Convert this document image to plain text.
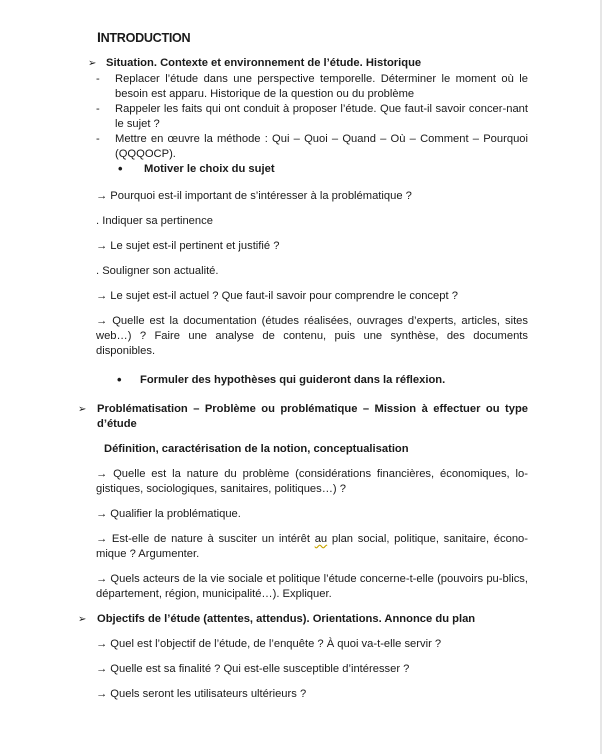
INTRODUCTION
➢ Situation. Contexte et environnement de l’étude. Historique
- Replacer l’étude dans une perspective temporelle. Déterminer le moment où le besoin est apparu. Historique de la question ou du problème
- Rappeler les faits qui ont conduit à proposer l’étude. Que faut-il savoir concer-nant le sujet ?
- Mettre en œuvre la méthode : Qui – Quoi – Quand – Où – Comment – Pourquoi (QQQOCP).
• Motiver le choix du sujet

→ Pourquoi est-il important de s’intéresser à la problématique ?

. Indiquer sa pertinence

→ Le sujet est-il pertinent et justifié ?

. Souligner son actualité.

→ Le sujet est-il actuel ? Que faut-il savoir pour comprendre le concept ?

→ Quelle est la documentation (études réalisées, ouvrages d’experts, articles, sites web…) ? Faire une analyse de contenu, puis une synthèse, des documents disponibles.

• Formuler des hypothèses qui guideront dans la réflexion.
➢ Problématisation – Problème ou problématique – Mission à effectuer ou type d’étude
Définition, caractérisation de la notion, conceptualisation

→ Quelle est la nature du problème (considérations financières, économiques, lo-gistiques, sociologiques, sanitaires, politiques…) ?

→ Qualifier la problématique.

→ Est-elle de nature à susciter un intérêt au plan social, politique, sanitaire, écono-mique ? Argumenter.

→ Quels acteurs de la vie sociale et politique l’étude concerne-t-elle (pouvoirs pu-blics, département, région, municipalité…). Expliquer.

➢ Objectifs de l’étude (attentes, attendus). Orientations. Annonce du plan

→ Quel est l’objectif de l’étude, de l’enquête ? À quoi va-t-elle servir ?

→ Quelle est sa finalité ? Qui est-elle susceptible d’intéresser ?

→ Quels seront les utilisateurs ultérieurs ?
